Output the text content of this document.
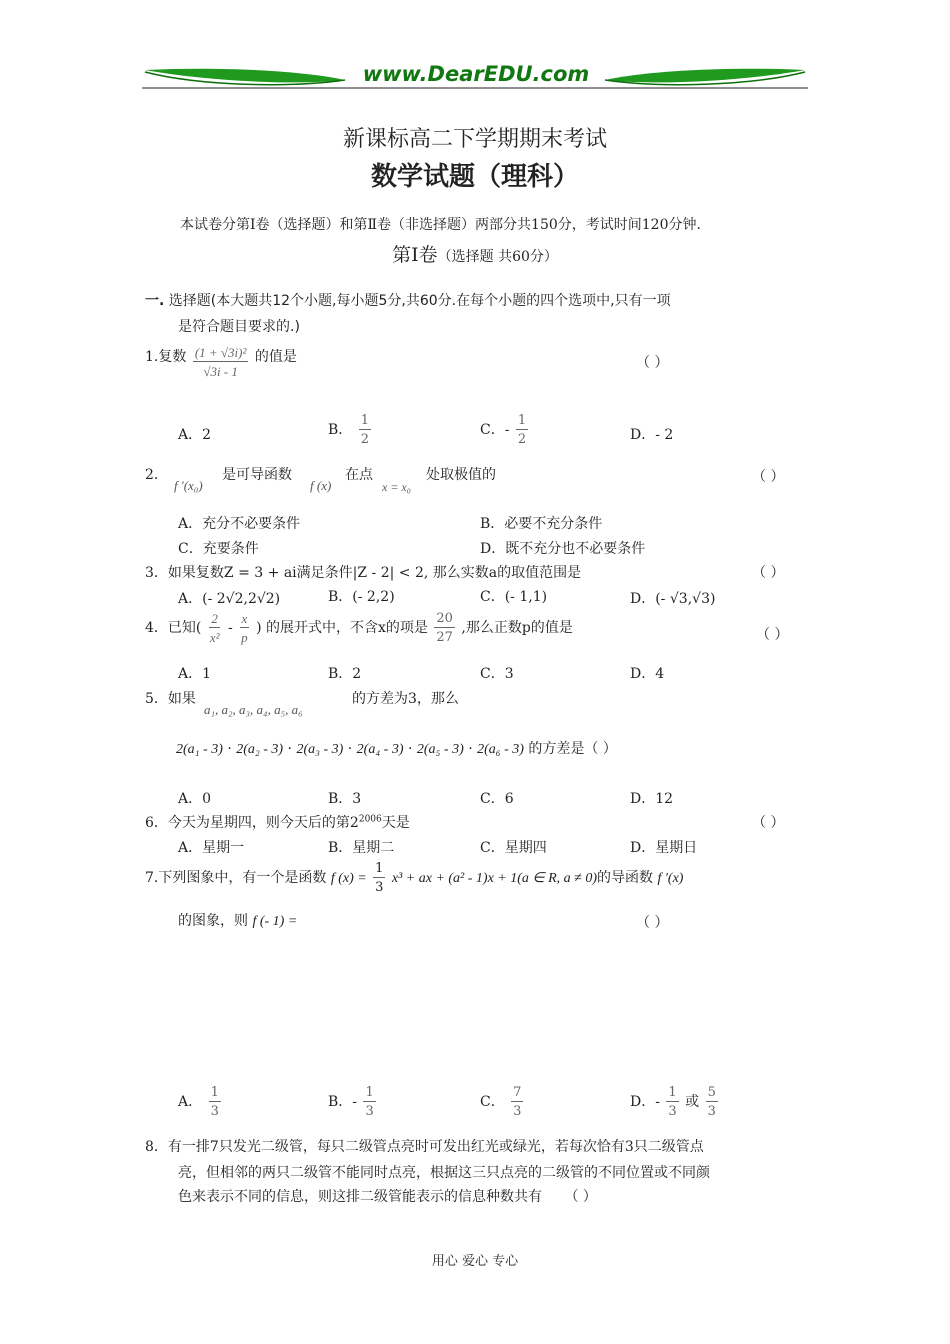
www.DearEDU.com
新课标高二下学期期末考试
数学试题（理科）
本试卷分第Ⅰ卷（选择题）和第Ⅱ卷（非选择题）两部分共150分，考试时间120分钟.
第Ⅰ卷（选择题 共60分）
一. 选择题(本大题共12个小题,每小题5分,共60分.在每个小题的四个选项中,只有一项
是符合题目要求的.)
1.复数 $\frac{\text{(1 + √3i)²}}{√3i - 1}$ 的值是	（ ）
A．2	B． $\frac{1}{2}$	C．- $\frac{1}{2}$	D．- 2
2．
f ′(x₀)
是可导函数
f (x)
在点
x = x₀
处取极值的	（ ）
A．充分不必要条件	B．必要不充分条件
C．充要条件	D．既不充分也不必要条件
3．如果复数Z = 3 + ai满足条件|Z - 2| < 2, 那么实数a的取值范围是	（ ）
A．(- 2√2,2√2)	B．(- 2,2)	C．(- 1,1)	D．(- √3,√3)
4．已知( $\frac{2}{\text{x²}} - \frac{x}{p}$ ) 的展开式中，不含x的项是 $\frac{20}{27}$ ,那么正数p的值是	（ ）
A．1	B．2	C．3	D．4
5．如果
a₁, a₂, a₃, a₄, a₅, a₆
的方差为3，那么
2(a₁ - 3) · 2(a₂ - 3) · 2(a₃ - 3) · 2(a₄ - 3) · 2(a₅ - 3) · 2(a₆ - 3) 的方差是（ ）
A．0	B．3	C．6	D．12
6．今天为星期四，则今天后的第$2^{2006}$天是	（ ）
A．星期一	B．星期二	C．星期四	D．星期日
7.下列图象中，有一个是函数 f $(x) = \frac{1}{3} x^3$ + ax + (a² - 1)x + 1(a ∈ R, a ≠ 0)的导函数 f ′(x)
的图象，则 f (- 1) =	（ ）
A． $\frac{1}{3}$	B．- $\frac{1}{3}$	C． $\frac{7}{3}$	D．- $\frac{1}{3}$ 或 $\frac{5}{3}$
8．有一排7只发光二级管，每只二级管点亮时可发出红光或绿光，若每次恰有3只二级管点
亮，但相邻的两只二级管不能同时点亮，根据这三只点亮的二级管的不同位置或不同颜
色来表示不同的信息，则这排二级管能表示的信息种数共有 （ ）
用心 爱心 专心
